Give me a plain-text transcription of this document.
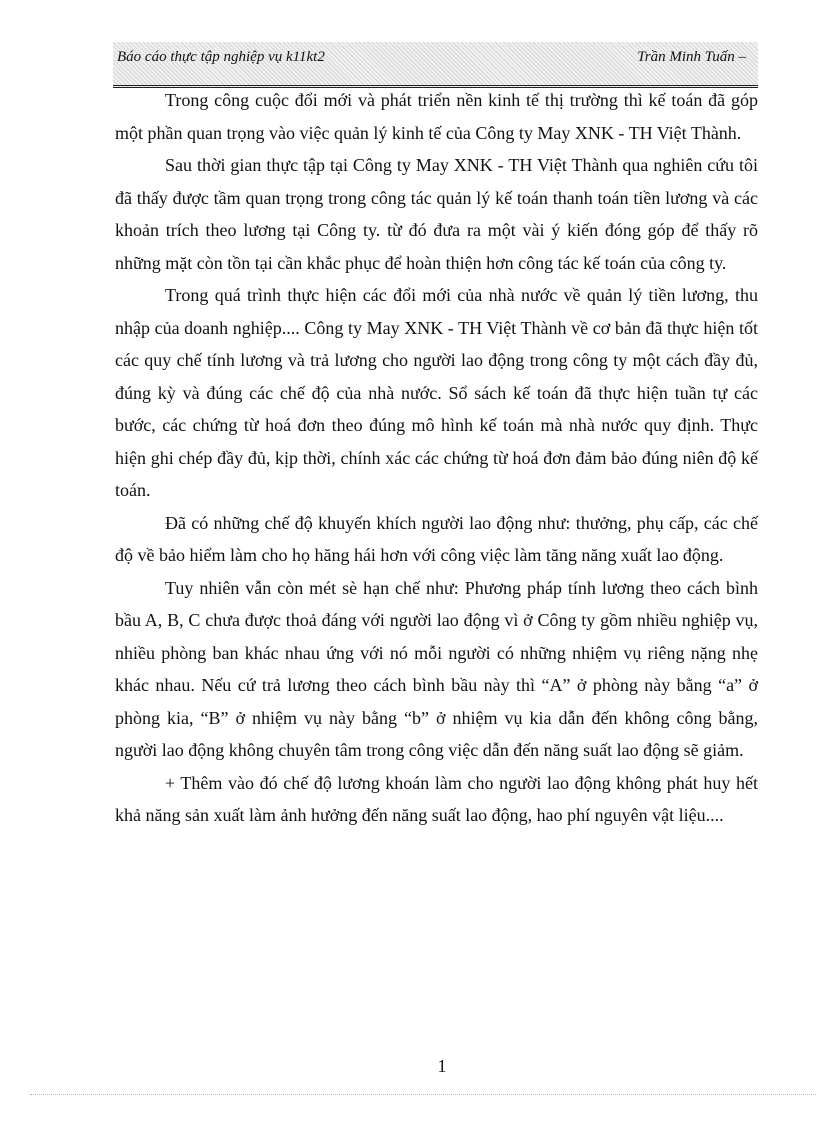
Báo cáo thực tập nghiệp vụ k11kt2	Trần Minh Tuấn –

Trong công cuộc đổi mới và phát triển nền kinh tế thị trường thì kế toán đã góp một phần quan trọng vào việc quản lý kinh tế của Công ty May XNK - TH Việt Thành.

Sau thời gian thực tập tại Công ty May XNK - TH Việt Thành qua nghiên cứu tôi đã thấy được tầm quan trọng trong công tác quản lý kế toán thanh toán tiền lương và các khoản trích theo lương tại Công ty. từ đó đưa ra một vài ý kiến đóng góp để thấy rõ những mặt còn tồn tại cần khắc phục để hoàn thiện hơn công tác kế toán của công ty.

Trong quá trình thực hiện các đổi mới của nhà nước về quản lý tiền lương, thu nhập của doanh nghiệp.... Công ty May XNK - TH Việt Thành về cơ bản đã thực hiện tốt các quy chế tính lương và trả lương cho người lao động trong công ty một cách đầy đủ, đúng kỳ và đúng các chế độ của nhà nước. Sổ sách kế toán đã thực hiện tuần tự các bước, các chứng từ hoá đơn theo đúng mô hình kế toán mà nhà nước quy định. Thực hiện ghi chép đầy đủ, kịp thời, chính xác các chứng từ hoá đơn đảm bảo đúng niên độ kế toán.

Đã có những chế độ khuyến khích người lao động như: thưởng, phụ cấp, các chế độ về bảo hiểm làm cho họ hăng hái hơn với công việc làm tăng năng xuất lao động.

Tuy nhiên vẫn còn mét sè hạn chế như: Phương pháp tính lương theo cách bình bầu A, B, C chưa được thoả đáng với người lao động vì ở Công ty gồm nhiều nghiệp vụ, nhiều phòng ban khác nhau ứng với nó mỗi người có những nhiệm vụ riêng nặng nhẹ khác nhau. Nếu cứ trả lương theo cách bình bầu này thì “A” ở phòng này bằng “a” ở phòng kia, “B” ở nhiệm vụ này bằng “b” ở nhiệm vụ kia dẫn đến không công bằng, người lao động không chuyên tâm trong công việc dẫn đến năng suất lao động sẽ giảm.

+ Thêm vào đó chế độ lương khoán làm cho người lao động không phát huy hết khả năng sản xuất làm ảnh hưởng đến năng suất lao động, hao phí nguyên vật liệu....

1
